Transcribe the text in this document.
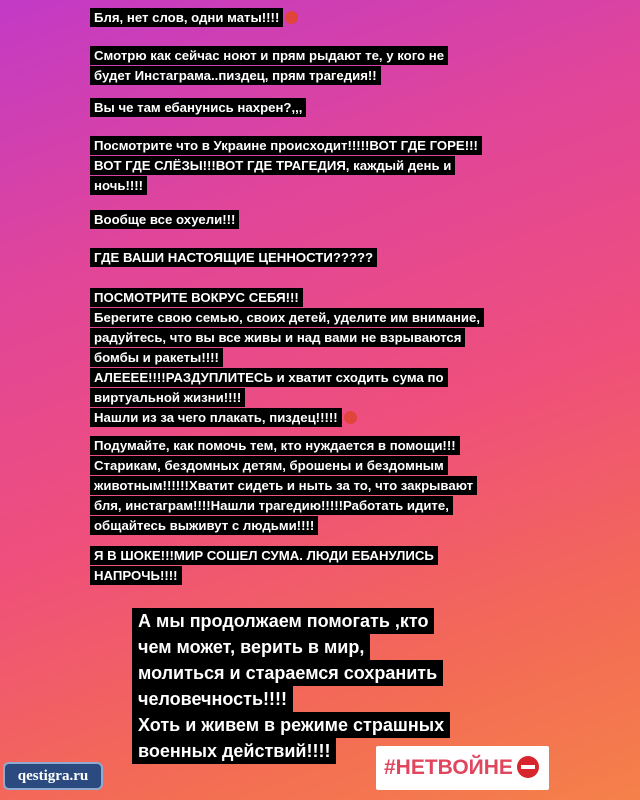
Бля, нет слов, одни маты!!!!
Смотрю как сейчас ноют и прям рыдают те, у кого не
будет Инстаграма..пиздец, прям трагедия!!
Вы че там ебанунись нахрен?,,,
Посмотрите что в Украине происходит!!!!!ВОТ ГДЕ ГОРЕ!!!
ВОТ ГДЕ СЛЁЗЫ!!!ВОТ ГДЕ ТРАГЕДИЯ, каждый день и
ночь!!!!
Вообще все охуели!!!
ГДЕ ВАШИ НАСТОЯЩИЕ ЦЕННОСТИ?????
ПОСМОТРИТЕ ВОКРУС СЕБЯ!!!
Берегите свою семью, своих детей, уделите им внимание,
радуйтесь, что вы все живы и над вами не взрываются
бомбы и ракеты!!!!
АЛЕЕЕЕ!!!!РАЗДУПЛИТЕСЬ и хватит сходить сума по
виртуальной жизни!!!!
Нашли из за чего плакать, пиздец!!!!!
Подумайте, как помочь тем, кто нуждается в помощи!!!
Старикам, бездомных детям, брошены и бездомным
животным!!!!!!Хватит сидеть и ныть за то, что закрывают
бля, инстаграм!!!!Нашли трагедию!!!!!Работать идите,
общайтесь выживут с людьми!!!!
Я В ШОКЕ!!!МИР СОШЕЛ СУМА. ЛЮДИ ЕБАНУЛИСЬ
НАПРОЧЬ!!!!
А мы продолжаем помогать ,кто
чем может, верить в мир,
молиться и стараемся сохранить
человечность!!!!
Хоть и живем в режиме страшных
военных действий!!!!
#НЕТВОЙНЕ
qestigra.ru
